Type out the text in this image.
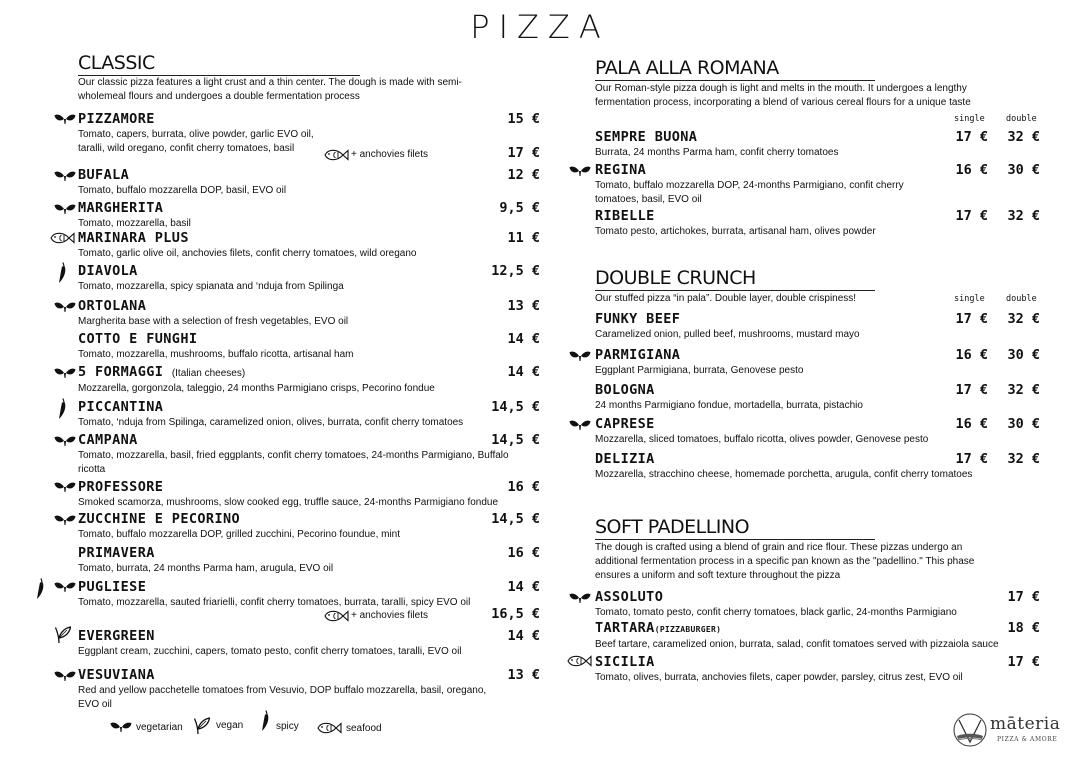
PIZZA
CLASSIC
Our classic pizza features a light crust and a thin center. The dough is made with semi-wholemeal flours and undergoes a double fermentation process
PIZZAMORE
Tomato, capers, burrata, olive powder, garlic EVO oil, taralli, wild oregano, confit cherry tomatoes, basil
15 €
+ anchovies filets	17 €
BUFALA
Tomato, buffalo mozzarella DOP, basil, EVO oil
12 €
MARGHERITA
Tomato, mozzarella, basil
9,5 €
MARINARA PLUS
Tomato, garlic olive oil, anchovies filets, confit cherry tomatoes, wild oregano
11 €
DIAVOLA
Tomato, mozzarella, spicy spianata and ‘nduja from Spilinga
12,5 €
ORTOLANA
Margherita base with a selection of fresh vegetables, EVO oil
13 €
COTTO E FUNGHI
Tomato, mozzarella, mushrooms, buffalo ricotta, artisanal ham
14 €
5 FORMAGGI (Italian cheeses)
Mozzarella, gorgonzola, taleggio, 24 months Parmigiano crisps, Pecorino fondue
14 €
PICCANTINA
Tomato, ‘nduja from Spilinga, caramelized onion, olives, burrata, confit cherry tomatoes
14,5 €
CAMPANA
Tomato, mozzarella, basil, fried eggplants, confit cherry tomatoes, 24-months Parmigiano, Buffalo ricotta
14,5 €
PROFESSORE
Smoked scamorza, mushrooms, slow cooked egg, truffle sauce, 24-months Parmigiano fondue
16 €
ZUCCHINE E PECORINO
Tomato, buffalo mozzarella DOP, grilled zucchini, Pecorino foundue, mint
14,5 €
PRIMAVERA
Tomato, burrata, 24 months Parma ham, arugula, EVO oil
16 €
PUGLIESE
Tomato, mozzarella, sauted friarielli, confit cherry tomatoes, burrata, taralli, spicy EVO oil
14 €
+ anchovies filets	16,5 €
EVERGREEN
Eggplant cream, zucchini, capers, tomato pesto, confit cherry tomatoes, taralli, EVO oil
14 €
VESUVIANA
Red and yellow pacchetelle tomatoes from Vesuvio, DOP buffalo mozzarella, basil, oregano, EVO oil
13 €
vegetarian	vegan	spicy	seafood
PALA ALLA ROMANA
Our Roman-style pizza dough is light and melts in the mouth. It undergoes a lengthy fermentation process, incorporating a blend of various cereal flours for a unique taste
single	double
SEMPRE BUONA
Burrata, 24 months Parma ham, confit cherry tomatoes
17 €	32 €
REGINA
Tomato, buffalo mozzarella DOP, 24-months Parmigiano, confit cherry tomatoes, basil, EVO oil
16 €	30 €
RIBELLE
Tomato pesto, artichokes, burrata, artisanal ham, olives powder
17 €	32 €
DOUBLE CRUNCH
Our stuffed pizza “in pala”. Double layer, double crispiness!	single	double
FUNKY BEEF
Caramelized onion, pulled beef, mushrooms, mustard mayo
17 €	32 €
PARMIGIANA
Eggplant Parmigiana, burrata, Genovese pesto
16 €	30 €
BOLOGNA
24 months Parmigiano fondue, mortadella, burrata, pistachio
17 €	32 €
CAPRESE
Mozzarella, sliced tomatoes, buffalo ricotta, olives powder, Genovese pesto
16 €	30 €
DELIZIA
Mozzarella, stracchino cheese, homemade porchetta, arugula, confit cherry tomatoes
17 €	32 €
SOFT PADELLINO
The dough is crafted using a blend of grain and rice flour. These pizzas undergo an additional fermentation process in a specific pan known as the "padellino." This phase ensures a uniform and soft texture throughout the pizza
ASSOLUTO
Tomato, tomato pesto, confit cherry tomatoes, black garlic, 24-months Parmigiano
17 €
TARTARA(PIZZABURGER)
Beef tartare, caramelized onion, burrata, salad, confit tomatoes served with pizzaiola sauce
18 €
SICILIA
Tomato, olives, burrata, anchovies filets, caper powder, parsley, citrus zest, EVO oil
17 €
māteria
PIZZA & AMORE
